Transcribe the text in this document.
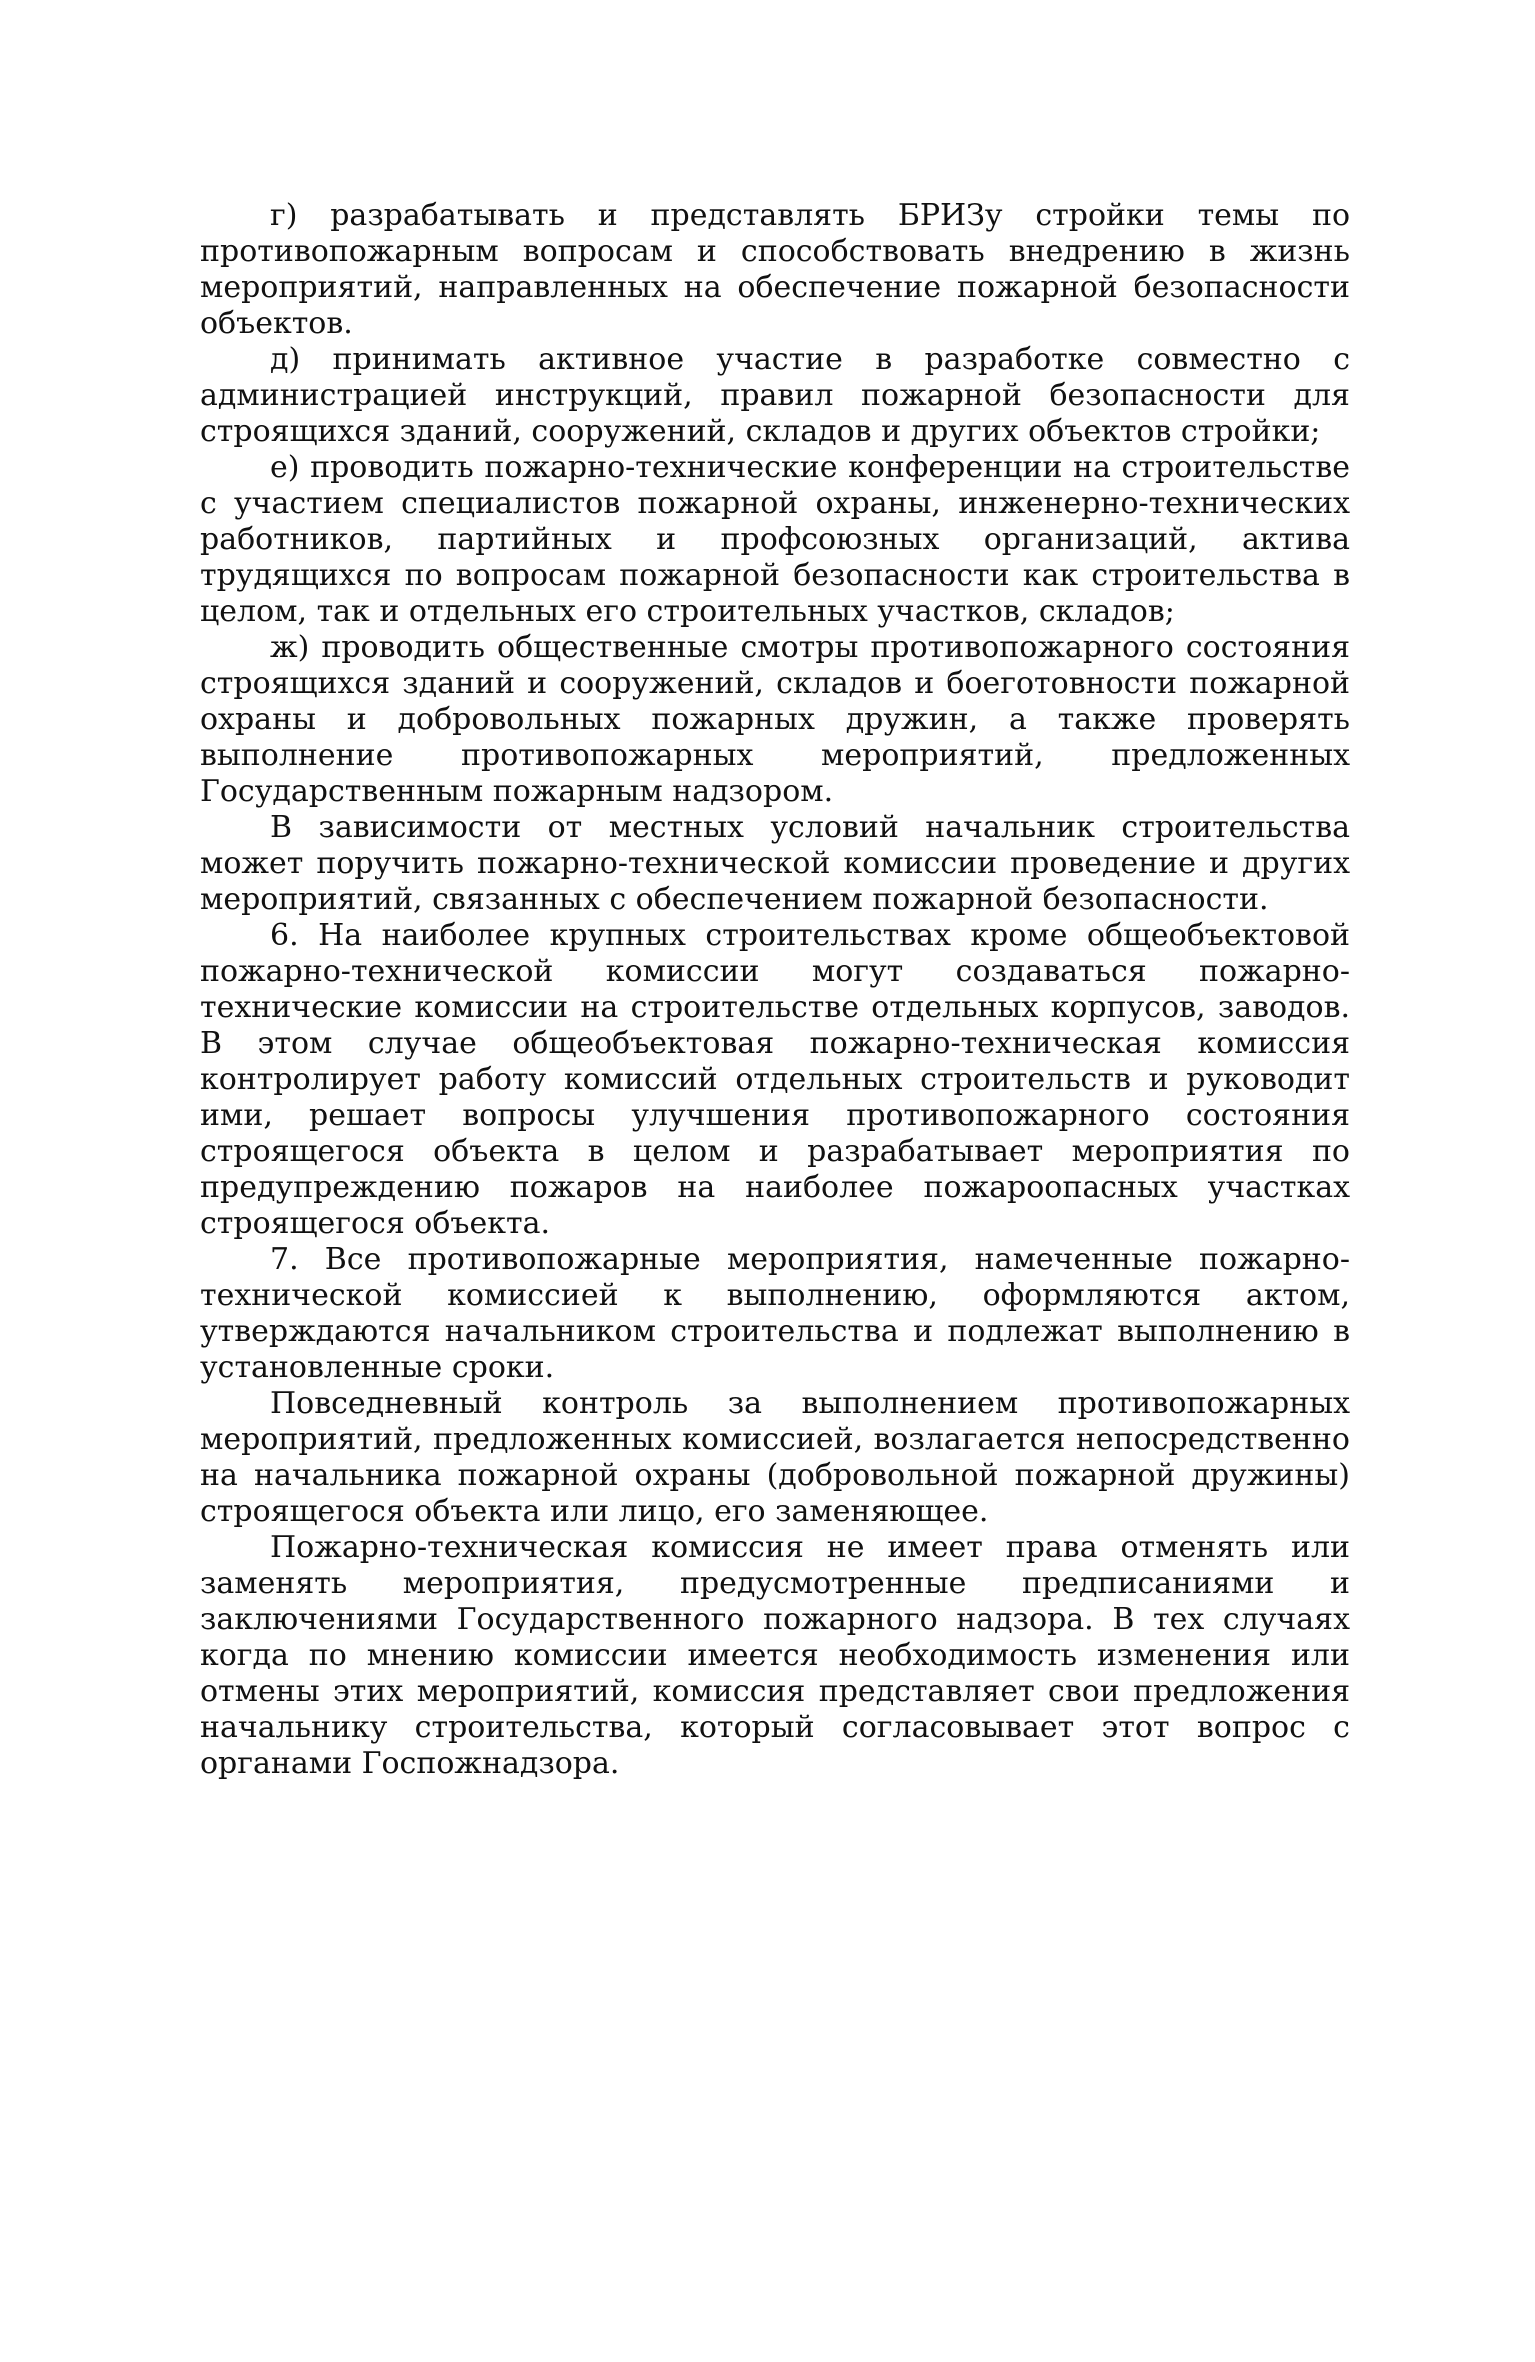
г) разрабатывать и представлять БРИЗу стройки темы по противопожарным вопросам и способствовать внедрению в жизнь мероприятий, направленных на обеспечение пожарной безопасности объектов.

д) принимать активное участие в разработке совместно с администрацией инструкций, правил пожарной безопасности для строящихся зданий, сооружений, складов и других объектов стройки;

е) проводить пожарно-технические конференции на строительстве с участием специалистов пожарной охраны, инженерно-технических работников, партийных и профсоюзных организаций, актива трудящихся по вопросам пожарной безопасности как строительства в целом, так и отдельных его строительных участков, складов;

ж) проводить общественные смотры противопожарного состояния строящихся зданий и сооружений, складов и боеготовности пожарной охраны и добровольных пожарных дружин, а также проверять выполнение противопожарных мероприятий, предложенных Государственным пожарным надзором.

В зависимости от местных условий начальник строительства может поручить пожарно-технической комиссии проведение и других мероприятий, связанных с обеспечением пожарной безопасности.

6. На наиболее крупных строительствах кроме общеобъектовой пожарно-технической комиссии могут создаваться пожарно-технические комиссии на строительстве отдельных корпусов, заводов. В этом случае общеобъектовая пожарно-техническая комиссия контролирует работу комиссий отдельных строительств и руководит ими, решает вопросы улучшения противопожарного состояния строящегося объекта в целом и разрабатывает мероприятия по предупреждению пожаров на наиболее пожароопасных участках строящегося объекта.

7. Все противопожарные мероприятия, намеченные пожарно-технической комиссией к выполнению, оформляются актом, утверждаются начальником строительства и подлежат выполнению в установленные сроки.

Повседневный контроль за выполнением противопожарных мероприятий, предложенных комиссией, возлагается непосредственно на начальника пожарной охраны (добровольной пожарной дружины) строящегося объекта или лицо, его заменяющее.

Пожарно-техническая комиссия не имеет права отменять или заменять мероприятия, предусмотренные предписаниями и заключениями Государственного пожарного надзора. В тех случаях когда по мнению комиссии имеется необходимость изменения или отмены этих мероприятий, комиссия представляет свои предложения начальнику строительства, который согласовывает этот вопрос с органами Госпожнадзора.
